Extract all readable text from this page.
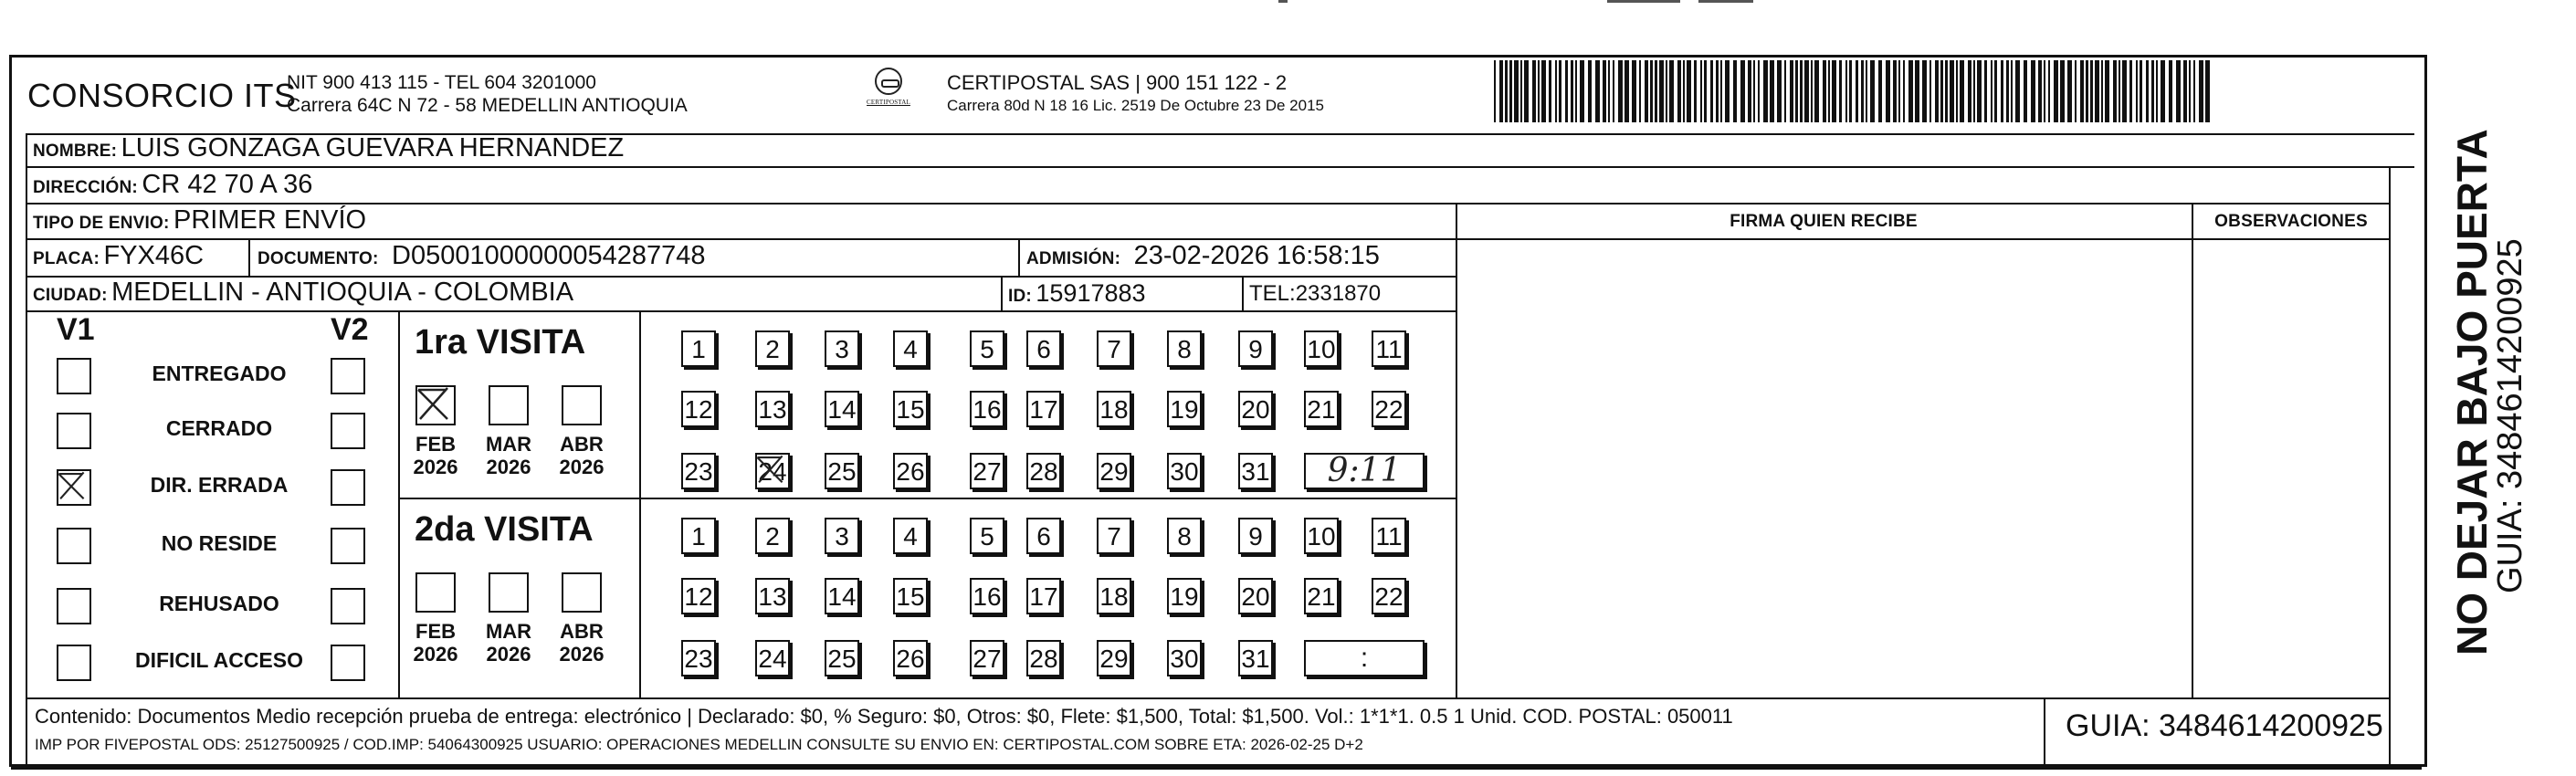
CONSORCIO ITS
NIT 900 413 115 - TEL 604 3201000
Carrera 64C N 72 - 58 MEDELLIN ANTIOQUIA	CERTIPOSTAL
CERTIPOSTAL SAS | 900 151 122 - 2
Carrera 80d N 18 16 Lic. 2519 De Octubre 23 De 2015
NOMBRE: LUIS GONZAGA GUEVARA HERNANDEZ
DIRECCIÓN: CR 42 70 A 36
TIPO DE ENVIO: PRIMER ENVÍO	FIRMA QUIEN RECIBE	OBSERVACIONES
PLACA: FYX46C	DOCUMENTO: D05001000000054287748	ADMISIÓN: 23-02-2026 16:58:15
CIUDAD: MEDELLIN - ANTIOQUIA - COLOMBIA	ID: 15917883	TEL:2331870
V1	V2
ENTREGADO
CERRADO
DIR. ERRADA
NO RESIDE
REHUSADO
DIFICIL ACCESO
1ra VISITA
FEB
2026
MAR
2026
ABR
2026
1	2	3	4	5	6	7	8	9	10 11
12 13 14 15 16 17 18 19 20 21 22
23 24 25 26 27 28 29 30 31	9:11
2da VISITA
FEB
2026
MAR
2026
ABR
2026
1	2	3	4	5	6	7	8	9	10 11
12 13 14 15 16 17 18 19 20 21 22
23 24 25 26 27 28 29 30 31	:
Contenido: Documentos Medio recepción prueba de entrega: electrónico | Declarado: $0, % Seguro: $0, Otros: $0, Flete: $1,500, Total: $1,500. Vol.: 1*1*1. 0.5 1 Unid. COD. POSTAL: 050011
IMP POR FIVEPOSTAL ODS: 25127500925 / COD.IMP: 54064300925 USUARIO: OPERACIONES MEDELLIN CONSULTE SU ENVIO EN: CERTIPOSTAL.COM SOBRE ETA: 2026-02-25 D+2
GUIA: 3484614200925
NO DEJAR BAJO PUERTA
GUIA: 3484614200925
